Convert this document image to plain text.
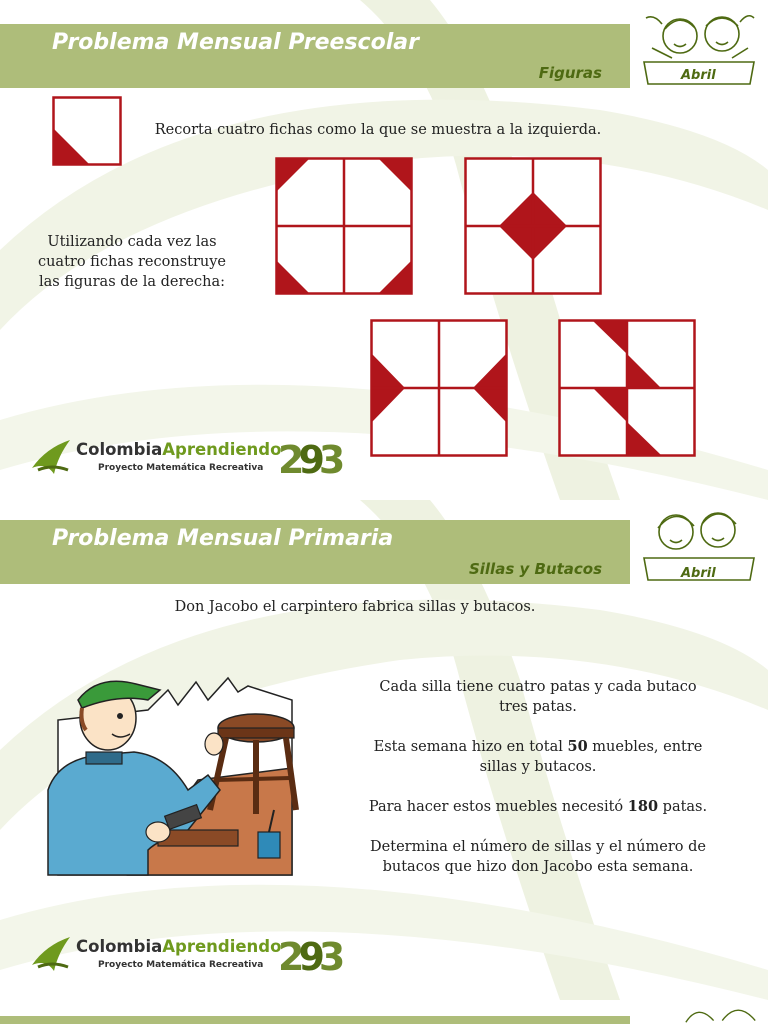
Problema Mensual Preescolar
Figuras	Abril
Recorta cuatro fichas como la que se muestra a la izquierda.
Utilizando cada vez las
cuatro fichas reconstruye
las figuras de la derecha:
ColombiaAprendiendo
Proyecto Matemática Recreativa 293
Problema Mensual Primaria
Sillas y Butacos	Abril
Don Jacobo el carpintero fabrica sillas y butacos.
Cada silla tiene cuatro patas y cada butaco
tres patas.
Esta semana hizo en total 50 muebles, entre
sillas y butacos.
Para hacer estos muebles necesitó 180 patas.
Determina el número de sillas y el número de
butacos que hizo don Jacobo esta semana.
ColombiaAprendiendo
Proyecto Matemática Recreativa 293
